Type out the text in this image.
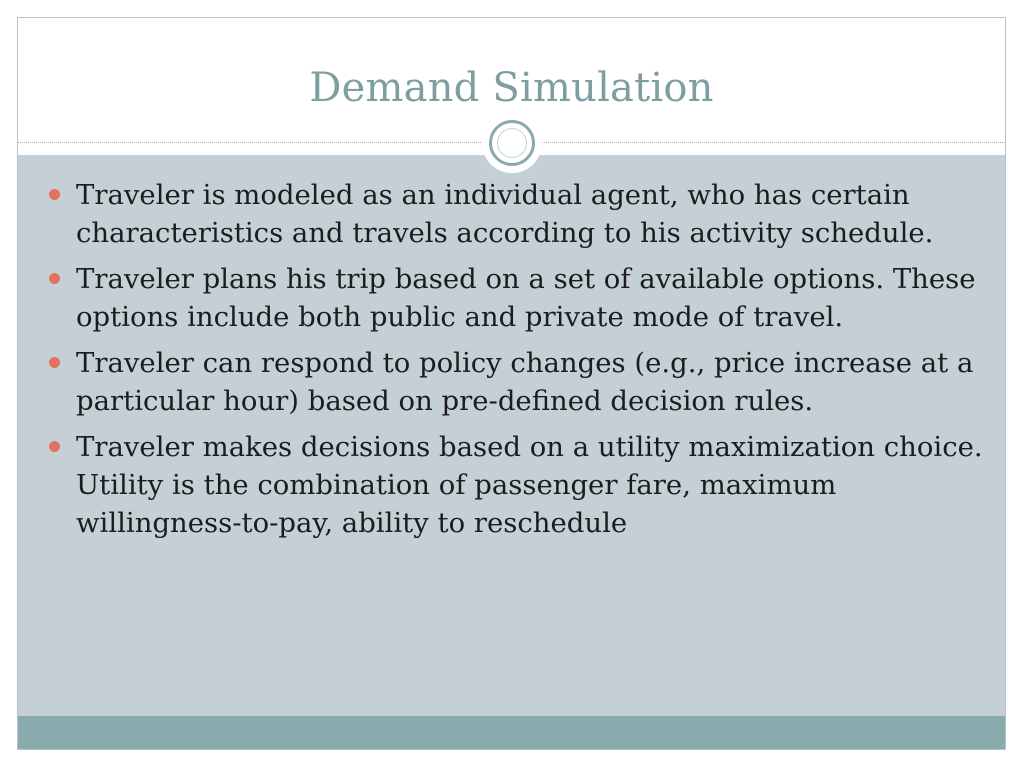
Demand Simulation
Traveler is modeled as an individual agent, who has certain characteristics and travels according to his activity schedule.
Traveler plans his trip based on a set of available options. These options include both public and private mode of travel.
Traveler can respond to policy changes (e.g., price increase at a particular hour) based on pre-defined decision rules.
Traveler makes decisions based on a utility maximization choice. Utility is the combination of passenger fare, maximum willingness-to-pay, ability to reschedule
